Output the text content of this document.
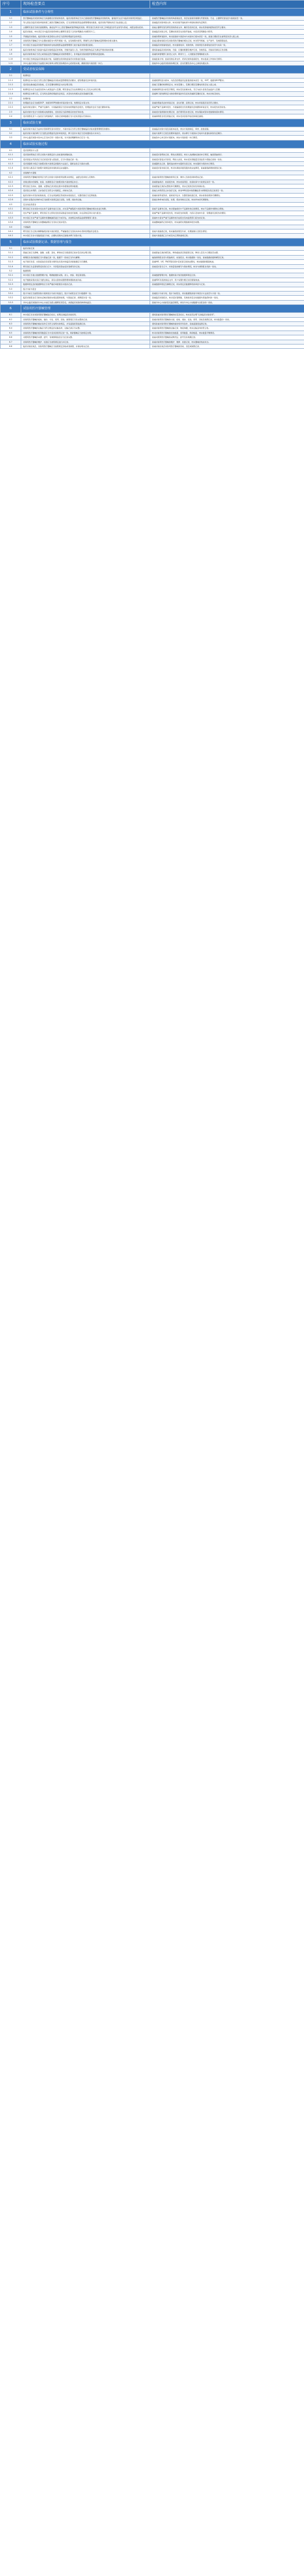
序号	现场检查要点	检查内容
1	临床试验条件与合规性	
1.1	医疗器械临床试验机构应当具备相应的资质和条件，临床试验机构应当为已备案的医疗器械临床试验机构，备案的专业应与临床试验项目相适应。	查看医疗器械临床试验机构备案信息，是否在备案有效期内开展试验；专业、主要研究者信息与备案是否一致。
1.2	列入需进行临床试验审批的第三类医疗器械目录的，应当获得国家药品监督管理局的批准，临床试验开展时间应当在批准之后。	查看临床试验审批文件，核对试验开始时间与审批时间的先后顺序。
1.3	主要研究者应当具有高级职称，参加过3个以上医疗器械或者药物临床试验；研究者应当具有与其工作相适应的专业背景与资质，并经过相关培训。	查看主要研究者及研究者的资质文件、履历及培训记录，核实其资格和经验是否符合要求。
1.4	临床试验前，申办者应当与临床试验机构和主要研究者签订合同并明确各方的职责分工。	查看临床试验合同，签署时间是否在试验开始前，内容是否明确各方职责。
1.5	开展临床试验前，临床试验方案及相关文件应当获得伦理委员会的同意。	查看伦理审查批件，核对批准的方案版本与实际执行版本是否一致，批准日期是否在首例受试者入组之前。
1.6	试验用医疗器械应当与注册检验报告中型号规格一致，在有效期内使用，研制符合医疗器械质量管理体系相关要求。	查看注册检验报告及试验用医疗器械的相关记录，核对型号规格、生产批号、有效期等信息。
1.7	申办者应当在临床试验开展前向所在地省级药品监督管理部门进行临床试验项目备案。	查看临床试验备案信息，核对备案时间、试验机构、试验项目名称等信息是否与实际一致。
1.8	临床试验机构应当具备与临床试验相适应的场地、设施设备及人员，急救设施和物品应当满足开展试验的需要。	现场查看临床试验场地、设备、仪器的配置及维护记录，急救药品、设备是否满足应急需要。
1.9	临床试验机构应当设立或者指定医疗器械临床试验管理部门，负责临床试验的组织管理和质量控制。	查看机构管理部门的设立文件、职责分工、人员配备及管理制度文件。
1.10	申办者应当制定临床试验监查计划，指派经过培训的监查员对试验进行监查。	查看监查计划、监查员的任命文件、培训记录和监查报告，核实监查工作的执行情况。
1.11	多中心临床试验应当由组长单位和牵头研究者协调各中心的试验实施，确保试验方案的统一执行。	查看多中心临床试验的协调记录、会议纪要及各中心之间的沟通文件。
2	受试者权益保障	
2.1	知情同意	
2.1.1	知情同意书内容应当符合医疗器械临床试验质量管理规范的要求，经伦理委员会审查同意。	查看知情同意书版本、内容及伦理委员会批准的版本是否一致，GCP、数据和SOP要求。
2.1.2	受试者在参加临床试验前，应当签署知情同意书并注明日期。	查看已签署的知情同意书，核对签署人、签署日期及签署时间是否在入组之前。
2.1.3	知情同意书应当由受试者本人或其监护人签署，研究者也应当在知情同意书上签名并注明日期。	查看知情同意书的签字情况，核实签名的真实性，无行为能力者是否由监护人签署。
2.1.4	知情同意书修订后，应当再次获得伦理委员会同意，并及时告知相关受试者重新签署。	查看修订版知情同意书的伦理审查批件及受试者重新签署的记录，核实告知及时性。
2.2	伦理审查	
2.2.1	伦理委员会应当按照GCP、制度和SOP的要求审查试验方案、知情同意书等文件。	查看伦理委员会的审查记录、会议纪要、投票记录，核实审查程序是否符合要求。
2.2.2	临床试验过程中，严重不良事件、方案偏离等应当及时向伦理委员会报告，伦理委员会应当进行跟踪审查。	查看严重不良事件报告、方案偏离报告及伦理委员会的跟踪审查意见，核实报告的及时性。
2.3	临床试验中发生与试验相关的损害时，受试者应当获得相应的治疗和补偿。	查看受试者损害的处理记录、治疗费用及补偿记录，核实保险或者补偿措施的落实情况。
2.4	受试者隐私及个人信息应当得到保护，试验记录和数据应当以受试者鉴认代码标识。	查看病例报告表及原始记录，核实受试者身份信息的保密措施。
3	临床试验方案	
3.1	临床试验方案应当由申办者和研究者共同设计，方案内容应当符合医疗器械临床试验质量管理规范的要求。	查看临床试验方案及其版本信息，核实方案的制定、审核、批准流程。
3.2	临床试验方案的修订应当经过伦理委员会的审查同意，修订后的方案应当及时通知各方并执行。	查看方案修订记录及伦理审查批件，核实修订方案的执行时间与批准时间的先后顺序。
3.3	多中心临床试验中各中心应当执行同一试验方案，对方案的理解和执行应当一致。	查看各中心执行的方案版本，核实方案的统一执行情况。
4	临床试验实施过程	
4.1	受试者筛选与入组	
4.1.1	受试者的筛选应当符合试验方案规定的入选标准和排除标准。	查看受试者筛选记录、筛选失败原因，核对入选排除标准的执行情况，抽查原始病历。
4.1.2	受试者鉴认代码表应当记录受试者入组信息，应当与原始记录一致。	查看受试者鉴认代码表、筛选入选表，核实受试者数量及其信息与原始记录的一致性。
4.1.3	受试者随机分组应当按照试验方案规定的随机方法进行，随机信息应当保存完整。	查看随机化记录、随机信封或中央随机系统记录，核实随机分组的执行情况。
4.1.4	受试者入组后应当按照方案规定的访视时间点完成随访。	查看受试者访视记录，核对访视时间窗及随访的完成情况，查看脱落病例的原因记录。
4.2	试验操作与观察	
4.2.1	试验用医疗器械的使用应当符合试验方案和使用说明书的规定，由经过培训的人员操作。	查看试验用医疗器械的使用记录、操作人员的培训和授权记录。
4.2.2	试验过程中的观察、检查、检测项目应当按照试验方案的规定执行。	查看原始病历、检查报告单，核实检查项目、检查时间与方案规定是否一致。
4.2.3	研究者应当如实、准确、完整地记录试验过程中的观察结果和数据。	查看原始记录的完整性和可溯源性，核实记录的及时性和真实性。
4.2.4	受试者合并用药、合并治疗应当符合方案规定，并如实记录。	查看合并用药及合并治疗记录，核对HIS系统中的医嘱信息与病例报告表记录是否一致。
4.2.5	临床试验中涉及的检验检查，应当在具备相应资质的实验室进行，仪器设备应当定期校准。	查看检验科室资质、室间质评证书、仪器设备校准记录，核实检验结果的可溯源性。
4.2.6	试验中采集的生物样本应当按照方案规定进行采集、处理、储存和运输。	查看生物样本的采集、处理、保存和转运记录，核实样本的可溯源性。
4.3	安全性信息报告	
4.3.1	研究者应当对试验中发生的不良事件进行记录，并对其严重程度与试验用医疗器械的相关性进行判断。	查看不良事件记录，核对原始病历中不良事件的记录情况，核实不良事件判断的合理性。
4.3.2	发生严重不良事件，研究者应当立即对受试者采取适当的治疗措施，并在获知后24小时内报告。	查看严重不良事件报告表，核实报告的时限、内容以及向申办者、伦理委员会报告的情况。
4.3.3	申办者应当对严重不良事件和器械缺陷进行分析评估，并按规定向药品监督管理部门报告。	查看申办者对严重不良事件的评估报告及向监管部门报告的记录。
4.3.4	试验用医疗器械发生的器械缺陷应当及时记录并报告。	查看器械缺陷记录和报告，核实缺陷处理措施和报告时限。
4.4	方案偏离	
4.4.1	研究者应当记录并解释偏离试验方案的原因，严重偏离应当及时向申办者和伦理委员会报告。	查看方案偏离记录，核实偏离的原因分析、处理措施以及报告情况。
4.4.2	申办者应当对方案偏离进行分析，必要时采取纠正措施并修订试验方案。	查看方案偏离汇总分析及纠正预防措施记录。
5	临床试验数据记录、数据管理与报告	
5.1	临床试验记录	
5.1.1	原始记录应当清晰、准确、完整、及时，修改时应当保留原记录并签名和注明日期。	查看原始记录的规范性，修改痕迹是否保留原记录，修改人签名与日期是否完整。
5.1.2	病例报告表的数据应当与原始记录一致，数据不一致时应当作出解释。	抽查病例报告表与原始病历、检查报告，核对数据的一致性，查看数据质疑和解答记录。
5.1.3	电子病历系统、实验室信息系统等计算机化系统中的临床试验数据应当可溯源。	查看HIS、LIS、PACS等系统中受试者记录的完整性，核实数据的稽查轨迹。
5.1.4	研究者应当妥善保管受试者日记卡、评价量表等由受试者填写的记录。	查看受试者日记卡、问卷量表的填写与保存情况，核对与病例报告表的一致性。
5.2	数据管理	
5.2.1	申办者应当建立数据管理计划，明确数据的采集、录入、核查、锁定等流程。	查看数据管理计划、数据核查计划及数据库锁定记录。
5.2.2	电子数据采集系统应当经过验证，具有完善的权限管理和稽查轨迹功能。	查看EDC系统的验证文件、用户权限分配记录及稽查轨迹。
5.2.3	数据库锁定后的数据修改应当有严格的审批程序并留存记录。	查看数据库锁定及解锁记录，核实锁定后数据修改的审批与记录。
5.3	统计分析与报告	
5.3.1	统计分析应当按照试验方案和统计分析计划进行，统计分析报告应当与数据库一致。	查看统计分析计划、统计分析报告，核对数据集的划分和统计方法是否与方案一致。
5.3.2	临床试验报告应当如实反映试验的实施过程和结果，与原始记录、病例报告表一致。	查看临床试验报告，核对受试者例数、有效性和安全性数据与原始资料的一致性。
5.3.3	多中心临床试验的分中心小结应当经主要研究者签名，并经临床试验机构审核盖章。	查看分中心小结的签名盖章情况，核对分中心小结数据与总报告的一致性。
6	试验用医疗器械管理	
6.1	申办者应当对试验用医疗器械进行标识，标明仅供临床试验使用。	现场查看试验用医疗器械的标签及标识，核实是否注明“仅供临床试验使用”。
6.2	试验用医疗器械的接收、储存、分发、使用、回收、销毁等应当有完整的记录。	查看试验用医疗器械的交接、接收、储存、发放、使用、回收及销毁记录，核对数量的一致性。
6.3	试验用医疗器械的储存条件应当符合说明书的规定，并有温湿度等监测记录。	现场查看试验用医疗器械的储存场所和条件，查看温湿度监测记录。
6.4	试验用医疗器械的运输应当符合规定的运输条件，运输记录应当完整。	查看试验用医疗器械的运输记录、物流单据，核实运输条件的符合性。
6.5	试验用医疗器械的使用数量应当与受试者使用记录一致，剩余器械应当按规定处理。	核对试验用医疗器械的发放数量、使用数量、剩余数量，核实数量平衡情况。
6.6	对照用医疗器械的来源、批号、有效期等信息应当记录完整。	查看对照用医疗器械的采购凭证、批号及有效期记录。
6.7	试验用医疗器械的维护、校准应当按照规定进行并记录。	查看试验用医疗器械的维护、维修、校准记录，核实器械的性能状态。
6.8	临床试验结束后，试验用医疗器械应当按照规定回收或者销毁，并保存相关记录。	查看试验结束后试验用医疗器械的回收、退还或销毁记录。
